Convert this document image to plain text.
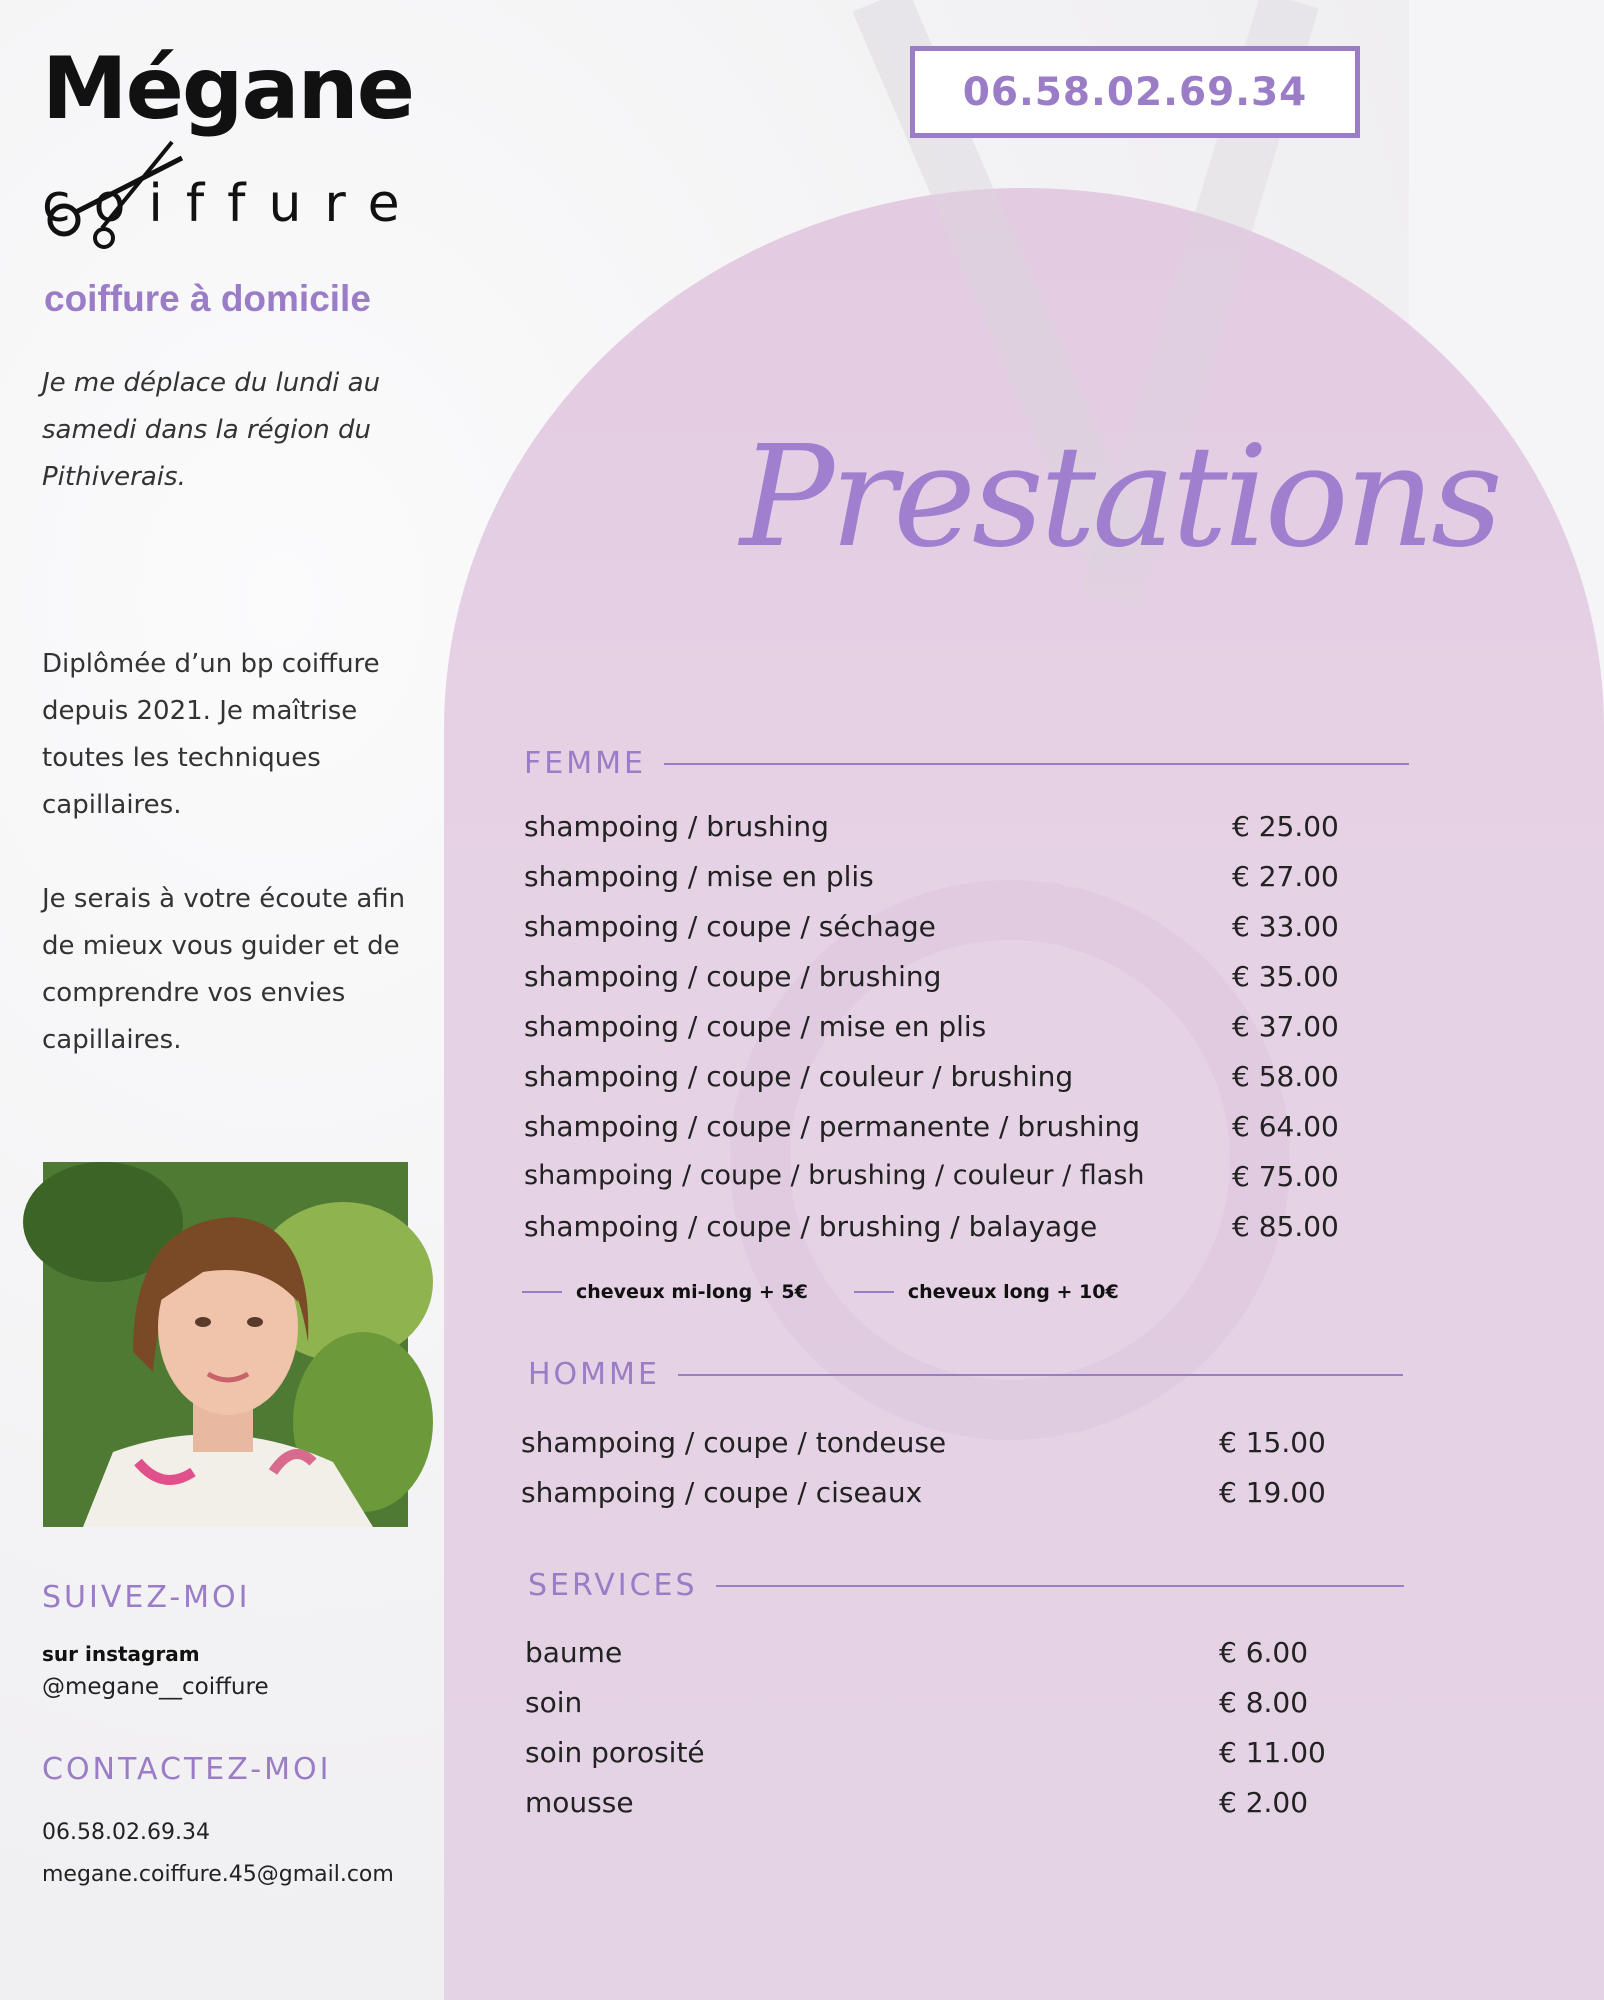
Mégane
coiffure
coiffure à domicile
Je me déplace du lundi au samedi dans la région du Pithiverais.

Diplômée d’un bp coiffure depuis 2021. Je maîtrise toutes les techniques capillaires.

Je serais à votre écoute afin de mieux vous guider et de comprendre vos envies capillaires.

SUIVEZ-MOI
sur instagram
@megane__coiffure
CONTACTEZ-MOI
06.58.02.69.34
megane.coiffure.45@gmail.com
06.58.02.69.34
Prestations
FEMME
shampoing / brushing
shampoing / mise en plis
shampoing / coupe / séchage
shampoing / coupe / brushing
shampoing / coupe / mise en plis
shampoing / coupe / couleur / brushing
shampoing / coupe / permanente / brushing
shampoing / coupe / brushing / couleur / flash
shampoing / coupe / brushing / balayage
€ 25.00
€ 27.00
€ 33.00
€ 35.00
€ 37.00
€ 58.00
€ 64.00
€ 75.00
€ 85.00
cheveux mi-long + 5€	cheveux long + 10€
HOMME
shampoing / coupe / tondeuse
shampoing / coupe / ciseaux
€ 15.00
€ 19.00
SERVICES
baume
soin
soin porosité
mousse
€ 6.00
€ 8.00
€ 11.00
€ 2.00
